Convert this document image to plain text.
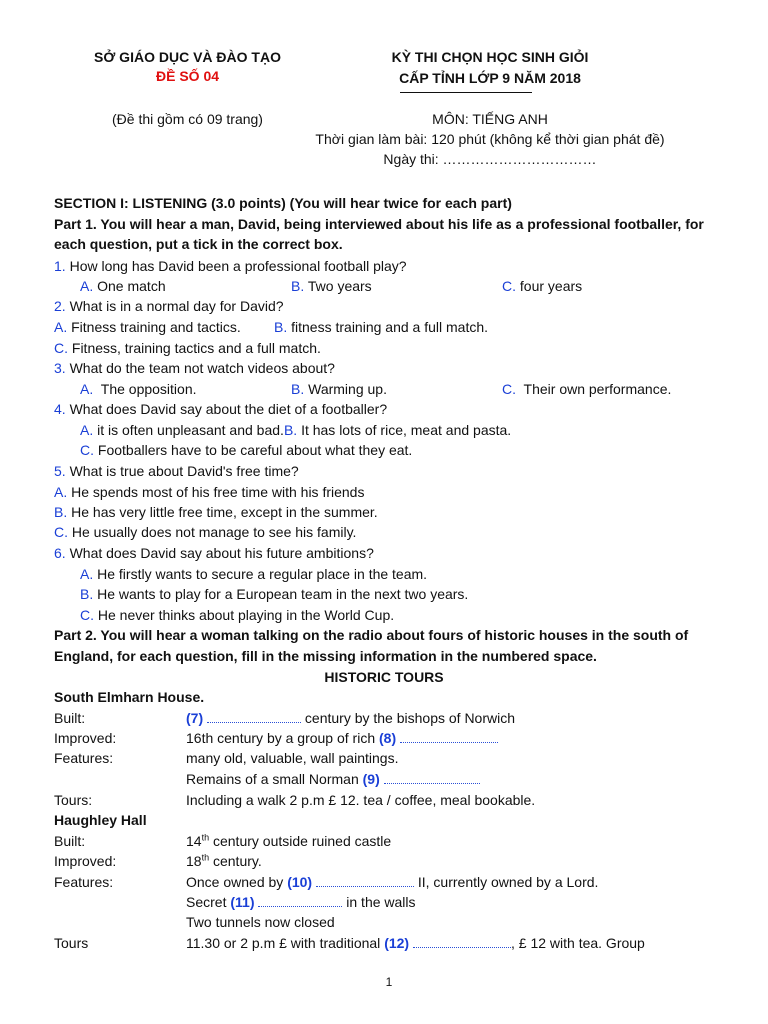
SỞ GIÁO DỤC VÀ ĐÀO TẠO
ĐỀ SỐ 04
(Đề thi gồm có 09 trang)
KỲ THI CHỌN HỌC SINH GIỎI
CẤP TỈNH LỚP 9 NĂM 2018
MÔN: TIẾNG ANH
Thời gian làm bài: 120 phút (không kể thời gian phát đề)
Ngày thi: ……………………………
SECTION I: LISTENING (3.0 points) (You will hear twice for each part)
Part 1. You will hear a man, David, being interviewed about his life as a professional footballer, for
each question, put a tick in the correct box.
1. How long has David been a professional football play?
A. One match	B. Two years	C. four years
2. What is in a normal day for David?
A. Fitness training and tactics. B. fitness training and a full match.
C. Fitness, training tactics and a full match.
3. What do the team not watch videos about?
A. The opposition.	B. Warming up.	C. Their own performance.
4. What does David say about the diet of a footballer?
A. it is often unpleasant and bad.B. It has lots of rice, meat and pasta.
C. Footballers have to be careful about what they eat.
5. What is true about David's free time?
A. He spends most of his free time with his friends
B. He has very little free time, except in the summer.
C. He usually does not manage to see his family.
6. What does David say about his future ambitions?
A. He firstly wants to secure a regular place in the team.
B. He wants to play for a European team in the next two years.
C. He never thinks about playing in the World Cup.
Part 2. You will hear a woman talking on the radio about fours of historic houses in the south of
England, for each question, fill in the missing information in the numbered space.
HISTORIC TOURS
South Elmharn House.
Built:	(7)	century by the bishops of Norwich
Improved:	16th century by a group of rich (8)
Features:	many old, valuable, wall paintings.
Remains of a small Norman (9)
Tours:	Including a walk 2 p.m £ 12. tea / coffee, meal bookable.
Haughley Hall
Built:	14th century outside ruined castle
Improved:	18th century.
Features:	Once owned by (10)	II, currently owned by a Lord.
Secret (11)	in the walls
Two tunnels now closed
Tours	11.30 or 2 p.m £ with traditional (12)	, £ 12 with tea. Group
1
